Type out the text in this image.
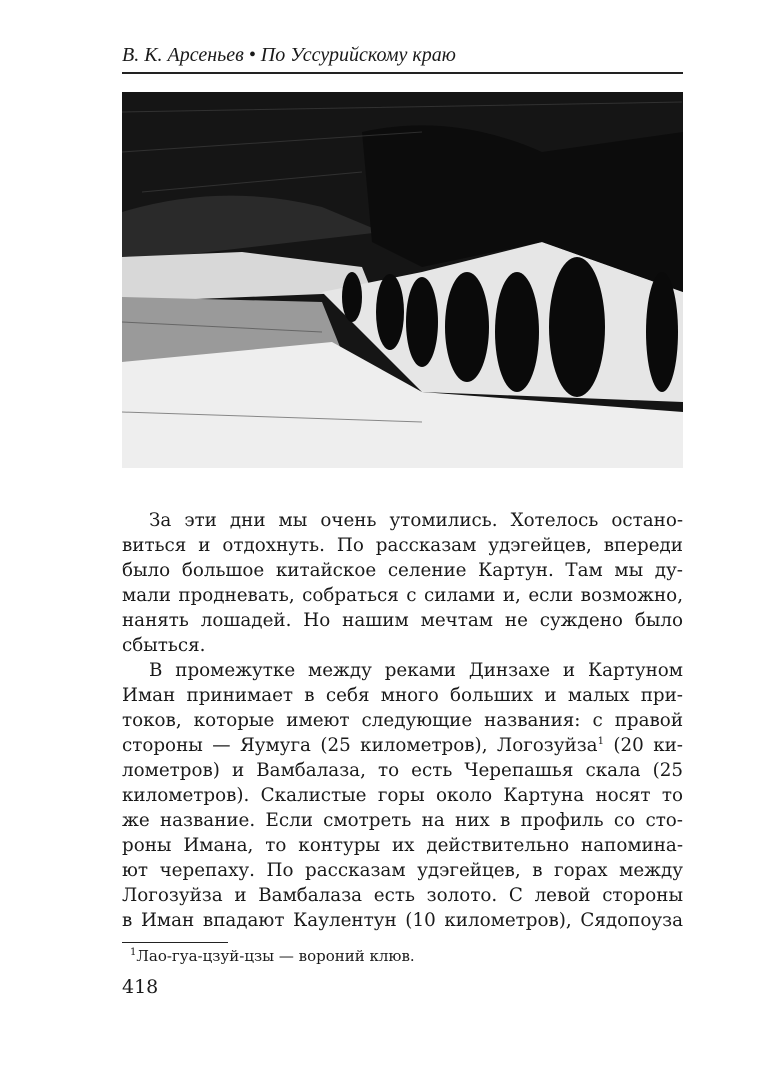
В. К. Арсеньев • По Уссурийскому краю
За эти дни мы очень утомились. Хотелось остано-
виться и отдохнуть. По рассказам удэгейцев, впереди
было большое китайское селение Картун. Там мы ду-
мали продневать, собраться с силами и, если возможно,
нанять лошадей. Но нашим мечтам не суждено было
сбыться.
В промежутке между реками Динзахе и Картуном
Иман принимает в себя много больших и малых при-
токов, которые имеют следующие названия: с правой
стороны — Яумуга (25 километров), Логозуйза$^1$ (20 ки-
лометров) и Вамбалаза, то есть Черепашья скала (25
километров). Скалистые горы около Картуна носят то
же название. Если смотреть на них в профиль со сто-
роны Имана, то контуры их действительно напомина-
ют черепаху. По рассказам удэгейцев, в горах между
Логозуйза и Вамбалаза есть золото. С левой стороны
в Иман впадают Каулентун (10 километров), Сядопоуза
$^1$Лао-гуа-цзуй-цзы — вороний клюв.
418
